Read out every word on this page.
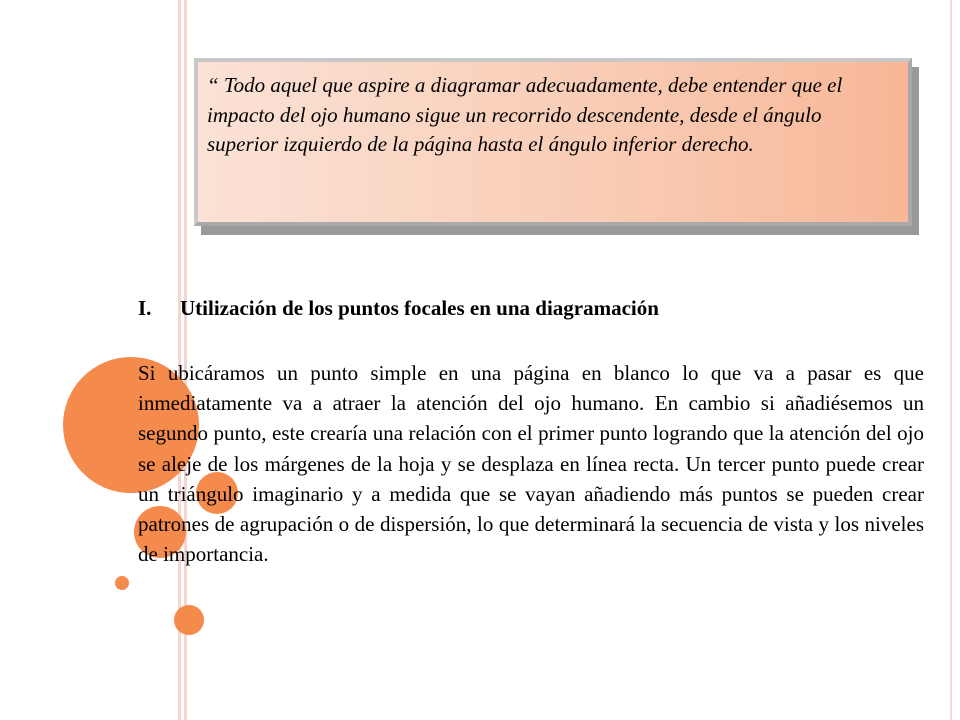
“ Todo aquel que aspire a diagramar adecuadamente, debe entender que el impacto del ojo humano sigue un recorrido descendente, desde el ángulo superior izquierdo de la página hasta el ángulo inferior derecho.

I. Utilización de los puntos focales en una diagramación

Si ubicáramos un punto simple en una página en blanco lo que va a pasar es que inmediatamente va a atraer la atención del ojo humano. En cambio si añadiésemos un segundo punto, este crearía una relación con el primer punto logrando que la atención del ojo se aleje de los márgenes de la hoja y se desplaza en línea recta. Un tercer punto puede crear un triángulo imaginario y a medida que se vayan añadiendo más puntos se pueden crear patrones de agrupación o de dispersión, lo que determinará la secuencia de vista y los niveles de importancia.
